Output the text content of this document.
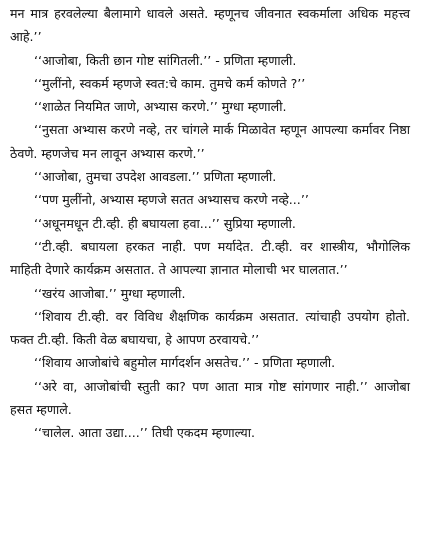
मन मात्र हरवलेल्या बैलामागे धावले असते. म्हणूनच जीवनात स्वकर्माला अधिक महत्त्व आहे.’’

‘‘आजोबा, किती छान गोष्ट सांगितली.’’ - प्रणिता म्हणाली.

‘‘मुलींनो, स्वकर्म म्हणजे स्वत:चे काम. तुमचे कर्म कोणते ?’’

‘‘शाळेत नियमित जाणे, अभ्यास करणे.’’ मुग्धा म्हणाली.

‘‘नुसता अभ्यास करणे नव्हे, तर चांगले मार्क मिळावेत म्हणून आपल्या कर्मावर निष्ठा ठेवणे. म्हणजेच मन लावून अभ्यास करणे.’’

‘‘आजोबा, तुमचा उपदेश आवडला.’’ प्रणिता म्हणाली.

‘‘पण मुलींनो, अभ्यास म्हणजे सतत अभ्यासच करणे नव्हे...’’

‘‘अधूनमधून टी.व्ही. ही बघायला हवा...’’ सुप्रिया म्हणाली.

‘‘टी.व्ही. बघायला हरकत नाही. पण मर्यादेत. टी.व्ही. वर शास्त्रीय, भौगोलिक माहिती देणारे कार्यक्रम असतात. ते आपल्या ज्ञानात मोलाची भर घालतात.’’

‘‘खरंय आजोबा.’’ मुग्धा म्हणाली.

‘‘शिवाय टी.व्ही. वर विविध शैक्षणिक कार्यक्रम असतात. त्यांचाही उपयोग होतो. फक्त टी.व्ही. किती वेळ बघायचा, हे आपण ठरवायचे.’’

‘‘शिवाय आजोबांचे बहुमोल मार्गदर्शन असतेच.’’ - प्रणिता म्हणाली.

‘‘अरे वा, आजोबांची स्तुती का? पण आता मात्र गोष्ट सांगणार नाही.’’ आजोबा हसत म्हणाले.

‘‘चालेल. आता उद्या....’’ तिघी एकदम म्हणाल्या.
